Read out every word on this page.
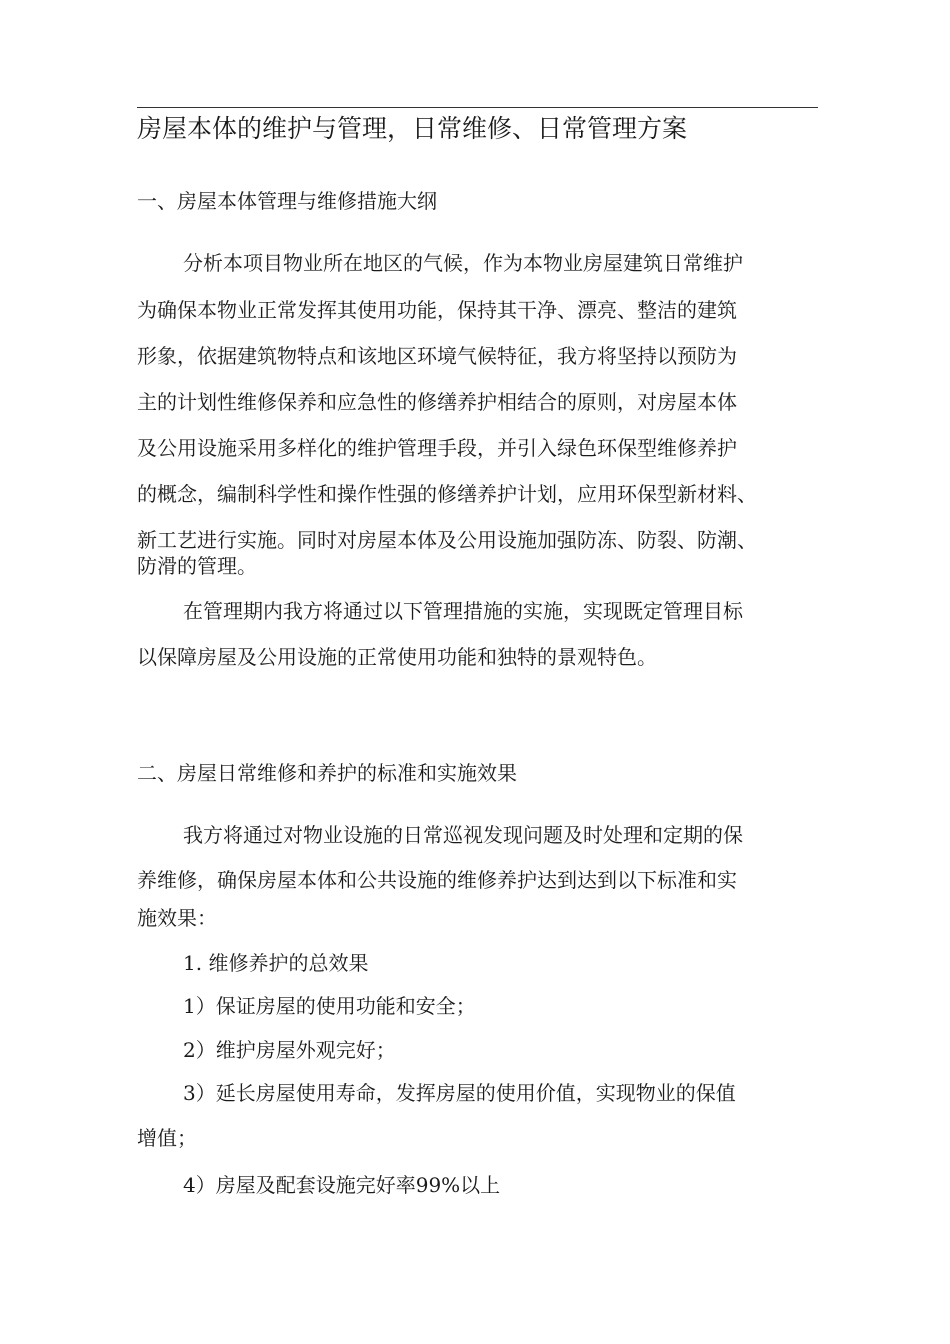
房屋本体的维护与管理，日常维修、日常管理方案
一、房屋本体管理与维修措施大纲
分析本项目物业所在地区的气候，作为本物业房屋建筑日常维护
为确保本物业正常发挥其使用功能，保持其干净、漂亮、整洁的建筑
形象，依据建筑物特点和该地区环境气候特征，我方将坚持以预防为
主的计划性维修保养和应急性的修缮养护相结合的原则，对房屋本体
及公用设施采用多样化的维护管理手段，并引入绿色环保型维修养护
的概念，编制科学性和操作性强的修缮养护计划，应用环保型新材料、
新工艺进行实施。同时对房屋本体及公用设施加强防冻、防裂、防潮、
防滑的管理。
在管理期内我方将通过以下管理措施的实施，实现既定管理目标
以保障房屋及公用设施的正常使用功能和独特的景观特色。
二、房屋日常维修和养护的标准和实施效果
我方将通过对物业设施的日常巡视发现问题及时处理和定期的保
养维修，确保房屋本体和公共设施的维修养护达到达到以下标准和实
施效果：
1. 维修养护的总效果
1）保证房屋的使用功能和安全；
2）维护房屋外观完好；
3）延长房屋使用寿命，发挥房屋的使用价值，实现物业的保值
增值；
4）房屋及配套设施完好率99%以上
